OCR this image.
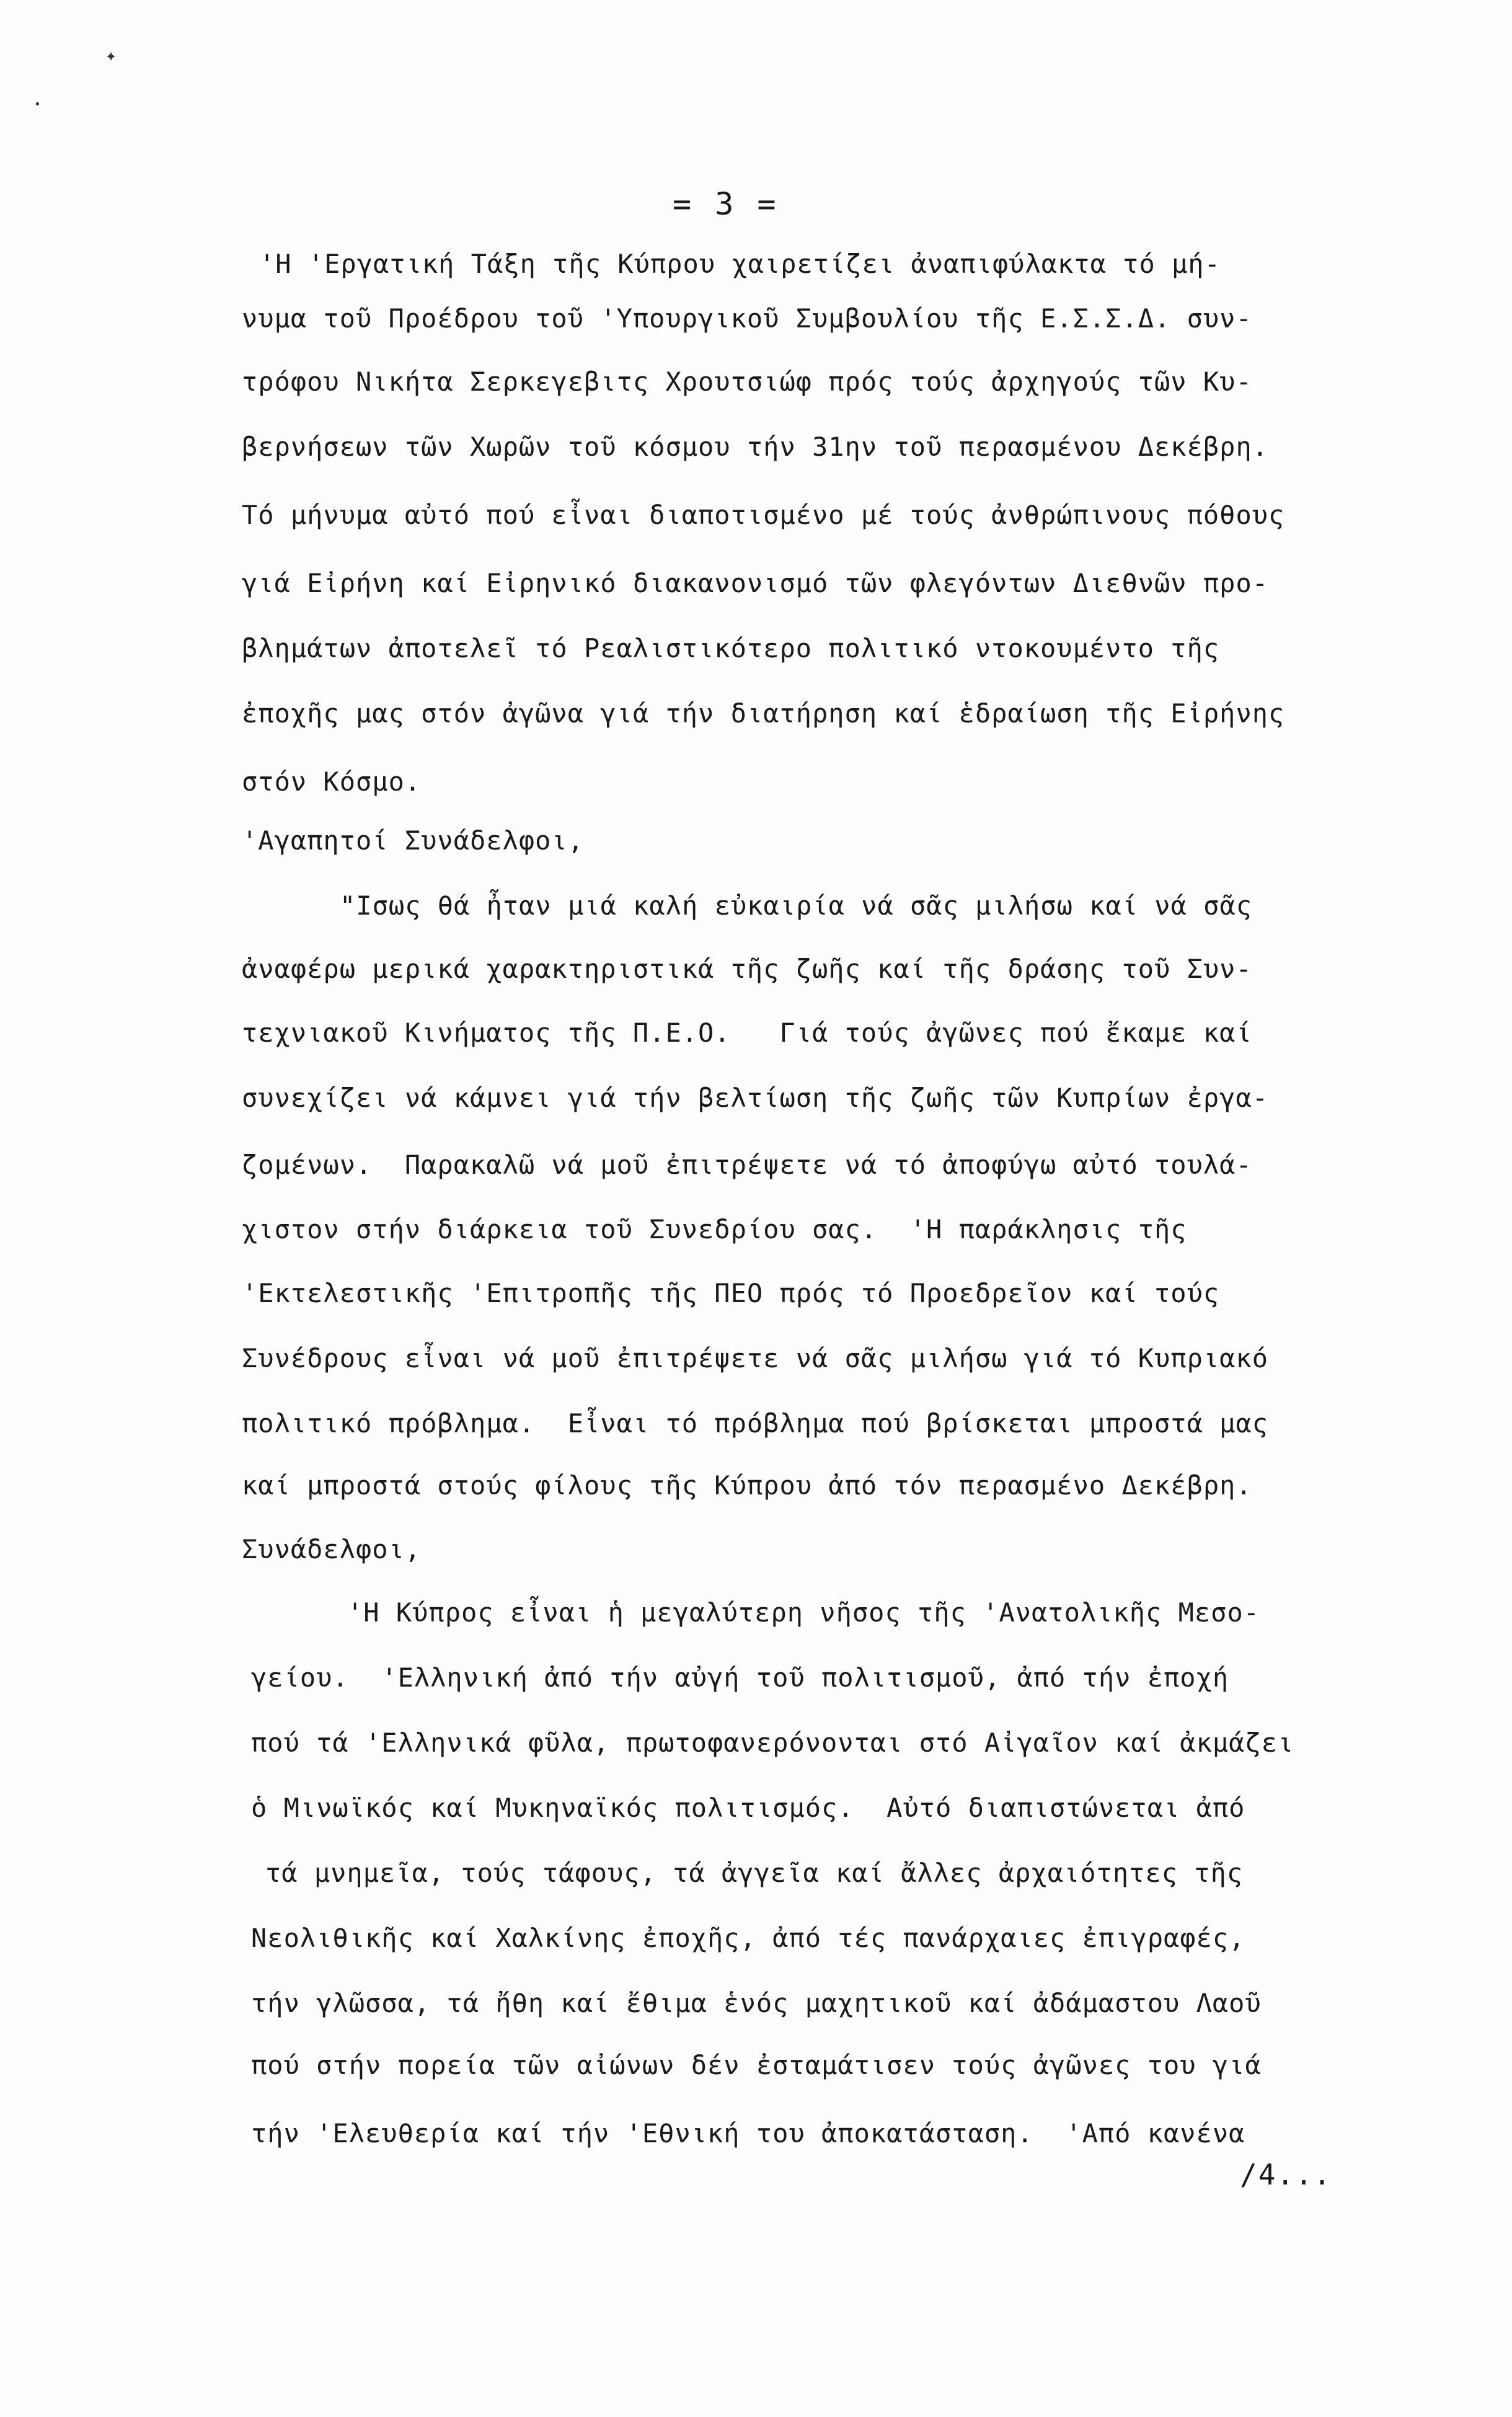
✦
•
= 3 =
'Η 'Εργατική Τάξη τῆς Κύπρου χαιρετίζει ἀναπιφύλακτα τό μή-
νυμα τοῦ Προέδρου τοῦ 'Υπουργικοῦ Συμβουλίου τῆς Ε.Σ.Σ.Δ. συν-
τρόφου Νικήτα Σερκεγεβιτς Χρουτσιώφ πρός τούς ἀρχηγούς τῶν Κυ-
βερνήσεων τῶν Χωρῶν τοῦ κόσμου τήν 31ην τοῦ περασμένου Δεκέβρη.
Τό μήνυμα αὐτό πού εἶναι διαποτισμένο μέ τούς ἀνθρώπινους πόθους
γιά Εἰρήνη καί Εἰρηνικό διακανονισμό τῶν φλεγόντων Διεθνῶν προ-
βλημάτων ἀποτελεῖ τό Ρεαλιστικότερο πολιτικό ντοκουμέντο τῆς
ἐποχῆς μας στόν ἀγῶνα γιά τήν διατήρηση καί ἑδραίωση τῆς Εἰρήνης
στόν Κόσμο.
'Αγαπητοί Συνάδελφοι,
"Ισως θά ἦταν μιά καλή εὐκαιρία νά σᾶς μιλήσω καί νά σᾶς
ἀναφέρω μερικά χαρακτηριστικά τῆς ζωῆς καί τῆς δράσης τοῦ Συν-
τεχνιακοῦ Κινήματος τῆς Π.Ε.Ο.   Γιά τούς ἀγῶνες πού ἔκαμε καί
συνεχίζει νά κάμνει γιά τήν βελτίωση τῆς ζωῆς τῶν Κυπρίων ἐργα-
ζομένων.  Παρακαλῶ νά μοῦ ἐπιτρέψετε νά τό ἀποφύγω αὐτό τουλά-
χιστον στήν διάρκεια τοῦ Συνεδρίου σας.  'Η παράκλησις τῆς
'Εκτελεστικῆς 'Επιτροπῆς τῆς ΠΕΟ πρός τό Προεδρεῖον καί τούς
Συνέδρους εἶναι νά μοῦ ἐπιτρέψετε νά σᾶς μιλήσω γιά τό Κυπριακό
πολιτικό πρόβλημα.  Εἶναι τό πρόβλημα πού βρίσκεται μπροστά μας
καί μπροστά στούς φίλους τῆς Κύπρου ἀπό τόν περασμένο Δεκέβρη.
Συνάδελφοι,
'Η Κύπρος εἶναι ἡ μεγαλύτερη νῆσος τῆς 'Ανατολικῆς Μεσο-
γείου.  'Ελληνική ἀπό τήν αὐγή τοῦ πολιτισμοῦ, ἀπό τήν ἐποχή
πού τά 'Ελληνικά φῦλα, πρωτοφανερόνονται στό Αἰγαῖον καί ἀκμάζει
ὁ Μινωϊκός καί Μυκηναϊκός πολιτισμός.  Αὐτό διαπιστώνεται ἀπό
τά μνημεῖα, τούς τάφους, τά ἀγγεῖα καί ἄλλες ἀρχαιότητες τῆς
Νεολιθικῆς καί Χαλκίνης ἐποχῆς, ἀπό τές πανάρχαιες ἐπιγραφές,
τήν γλῶσσα, τά ἤθη καί ἔθιμα ἑνός μαχητικοῦ καί ἀδάμαστου Λαοῦ
πού στήν πορεία τῶν αἰώνων δέν ἐσταμάτισεν τούς ἀγῶνες του γιά
τήν 'Ελευθερία καί τήν 'Εθνική του ἀποκατάσταση.  'Από κανένα
/4...
